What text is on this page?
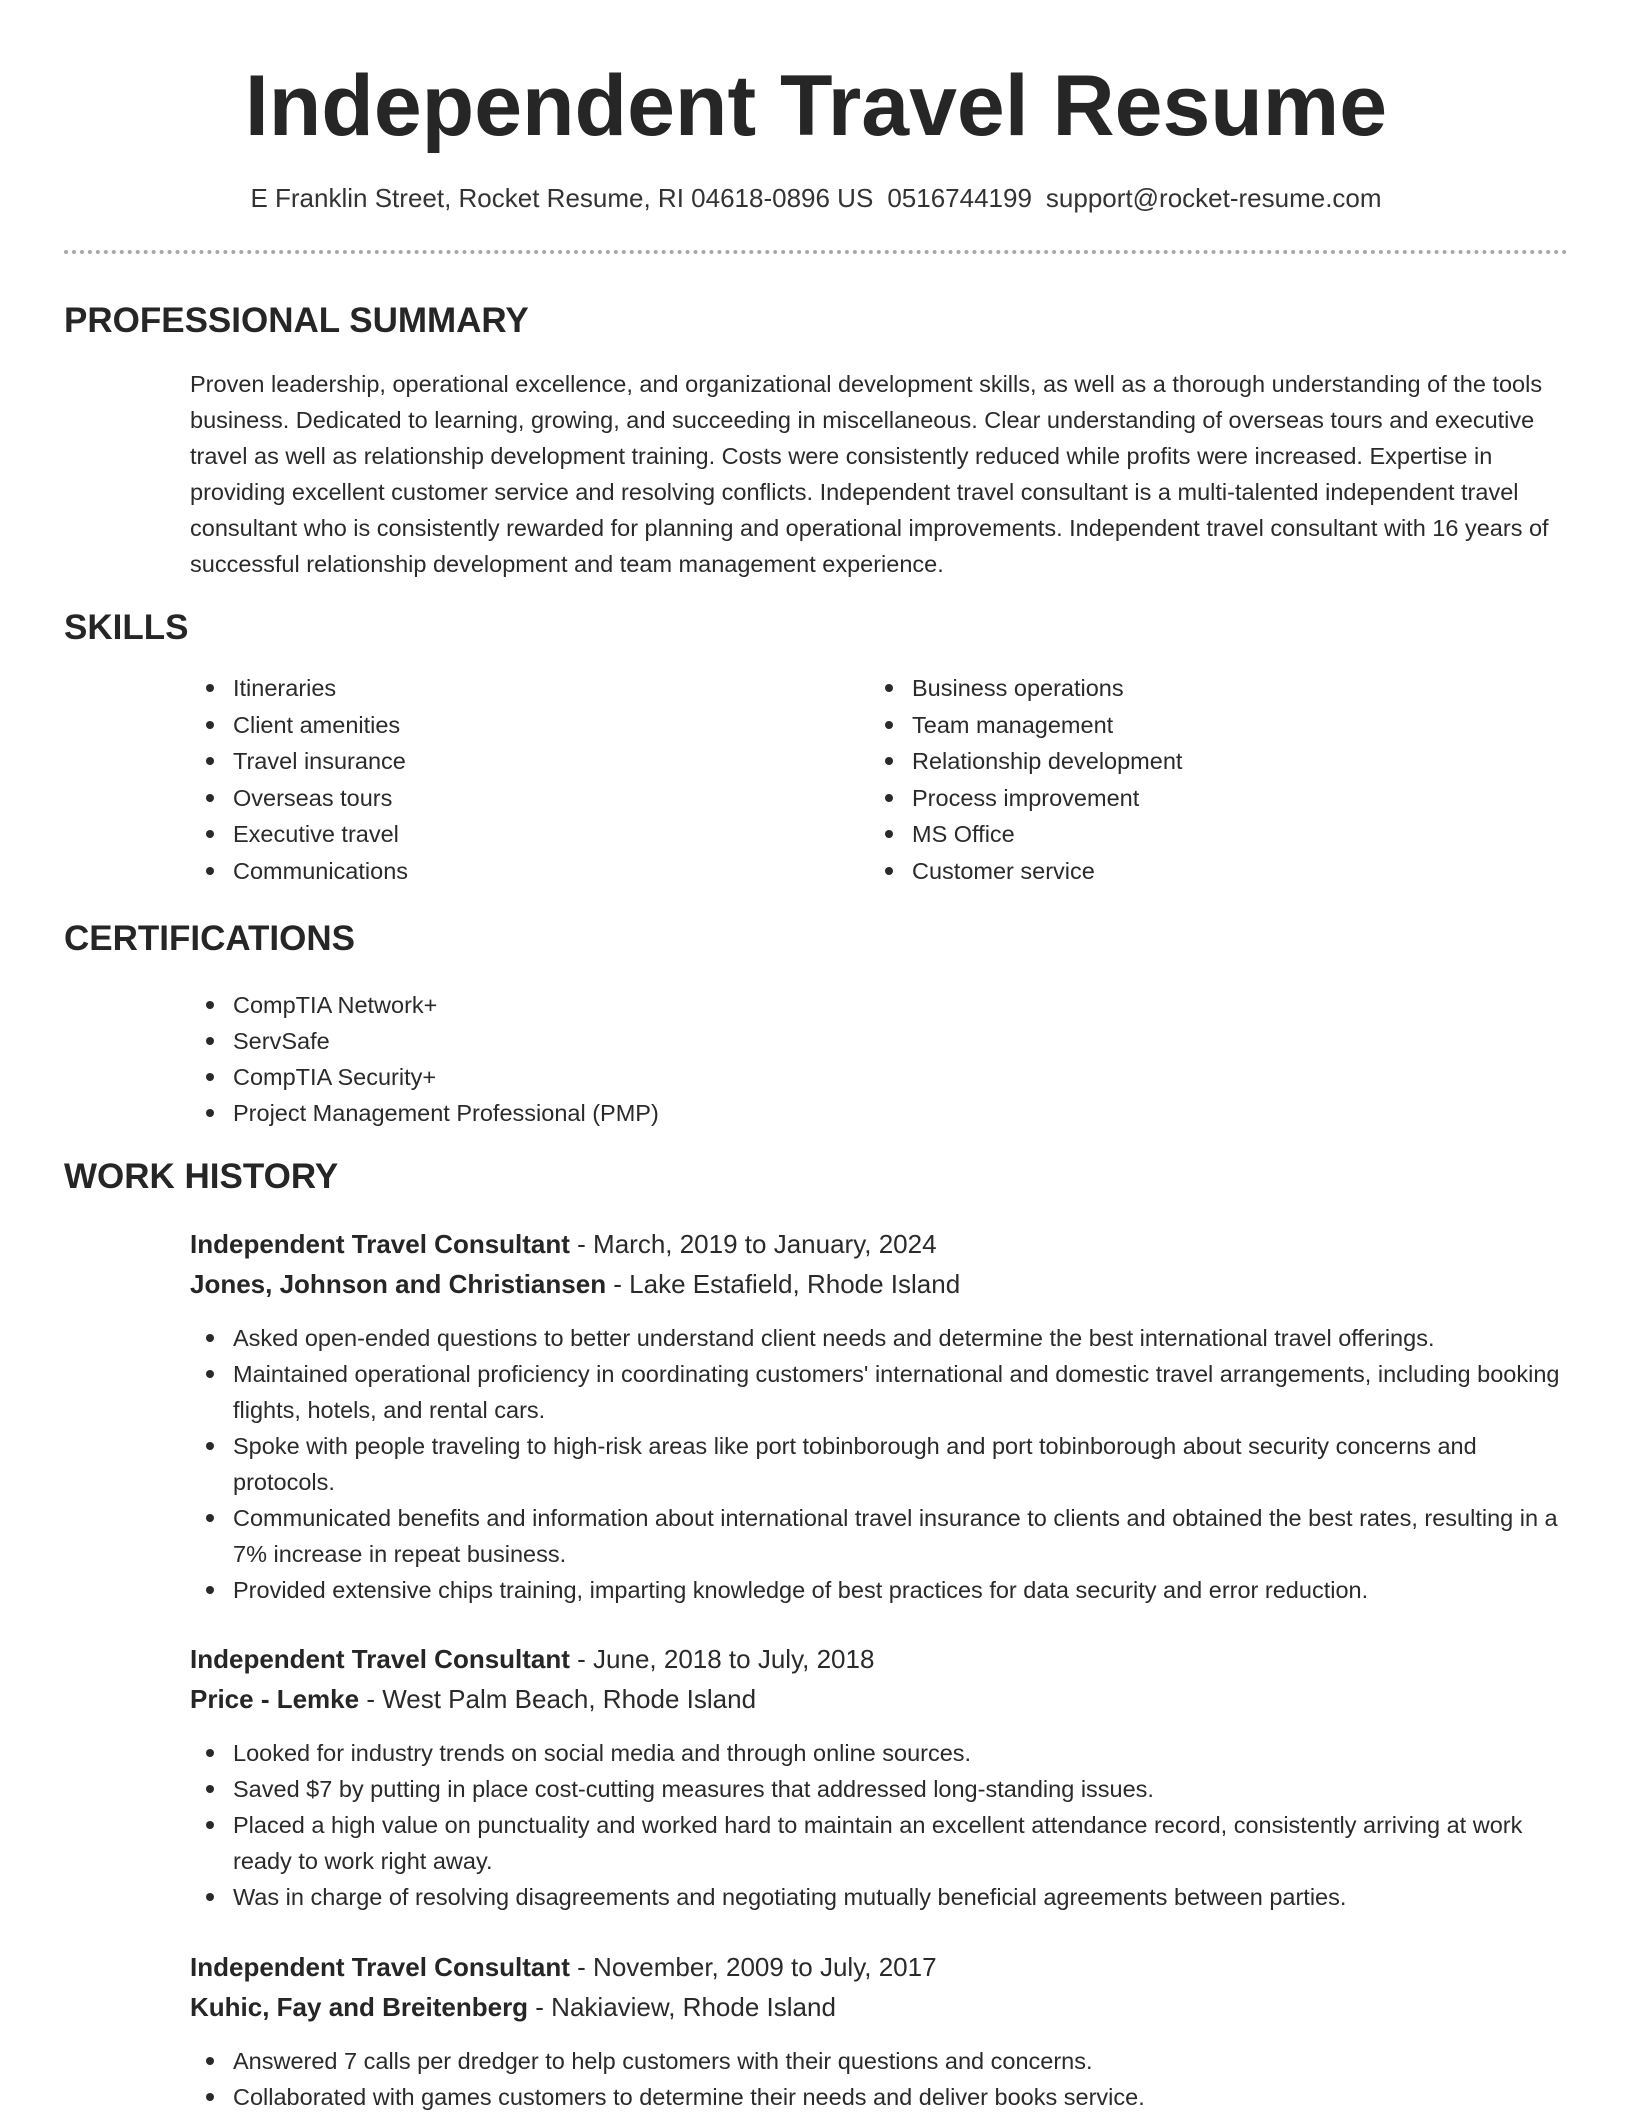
Independent Travel Resume
E Franklin Street, Rocket Resume, RI 04618-0896 US 0516744199 support@rocket-resume.com
PROFESSIONAL SUMMARY

Proven leadership, operational excellence, and organizational development skills, as well as a thorough understanding of the tools business. Dedicated to learning, growing, and succeeding in miscellaneous. Clear understanding of overseas tours and executive travel as well as relationship development training. Costs were consistently reduced while profits were increased. Expertise in providing excellent customer service and resolving conflicts. Independent travel consultant is a multi-talented independent travel consultant who is consistently rewarded for planning and operational improvements. Independent travel consultant with 16 years of successful relationship development and team management experience.

SKILLS
Itineraries
Client amenities
Travel insurance
Overseas tours
Executive travel
Communications
Business operations
Team management
Relationship development
Process improvement
MS Office
Customer service
CERTIFICATIONS
CompTIA Network+
ServSafe
CompTIA Security+
Project Management Professional (PMP)
WORK HISTORY
Independent Travel Consultant - March, 2019 to January, 2024
Jones, Johnson and Christiansen - Lake Estafield, Rhode Island
Asked open-ended questions to better understand client needs and determine the best international travel offerings.
Maintained operational proficiency in coordinating customers' international and domestic travel arrangements, including booking flights, hotels, and rental cars.
Spoke with people traveling to high-risk areas like port tobinborough and port tobinborough about security concerns and protocols.
Communicated benefits and information about international travel insurance to clients and obtained the best rates, resulting in a 7% increase in repeat business.
Provided extensive chips training, imparting knowledge of best practices for data security and error reduction.
Independent Travel Consultant - June, 2018 to July, 2018
Price - Lemke - West Palm Beach, Rhode Island
Looked for industry trends on social media and through online sources.
Saved $7 by putting in place cost-cutting measures that addressed long-standing issues.
Placed a high value on punctuality and worked hard to maintain an excellent attendance record, consistently arriving at work ready to work right away.
Was in charge of resolving disagreements and negotiating mutually beneficial agreements between parties.
Independent Travel Consultant - November, 2009 to July, 2017
Kuhic, Fay and Breitenberg - Nakiaview, Rhode Island
Answered 7 calls per dredger to help customers with their questions and concerns.
Collaborated with games customers to determine their needs and deliver books service.
